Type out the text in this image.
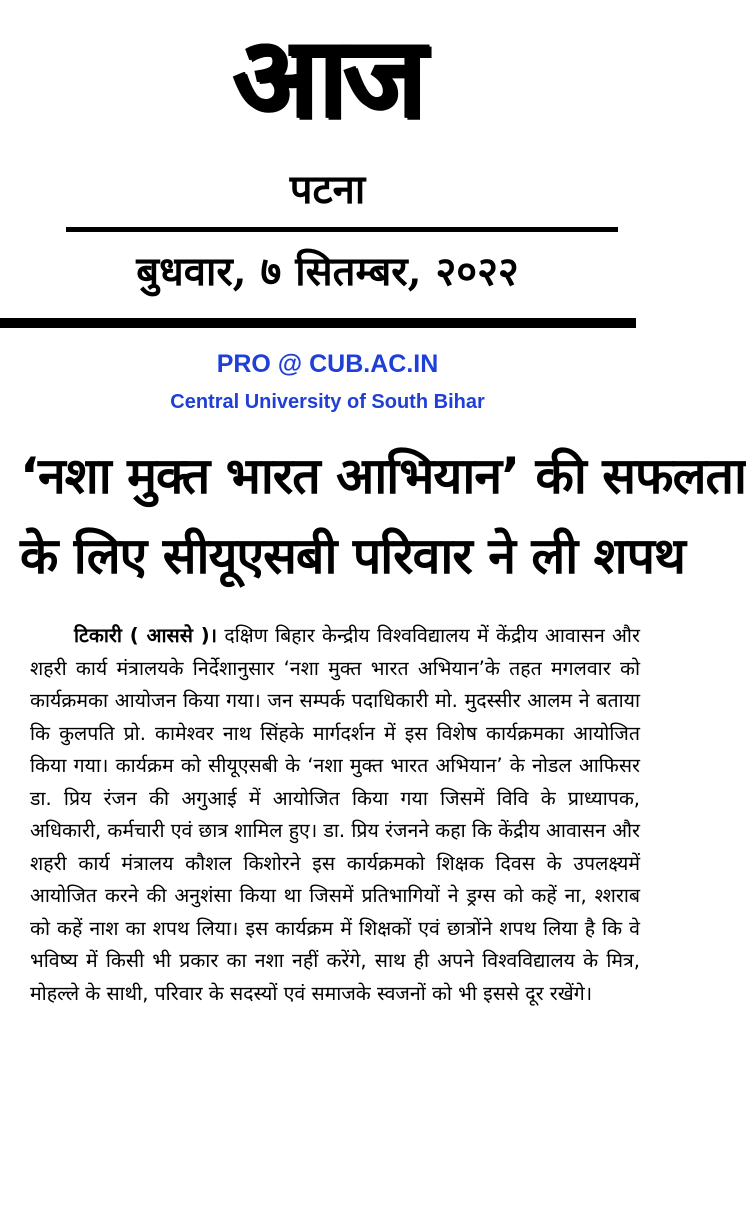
आज
पटना
बुधवार, ७ सितम्बर, २०२२
PRO @ CUB.AC.IN
Central University of South Bihar
‘नशा मुक्त भारत आभियान’ की सफलता
के लिए सीयूएसबी परिवार ने ली शपथ
टिकारी ( आससे )। दक्षिण बिहार केन्द्रीय विश्वविद्यालय में केंद्रीय आवासन और शहरी कार्य मंत्रालयके निर्देशानुसार ‘नशा मुक्त भारत अभियान’के तहत मगलवार को कार्यक्रमका आयोजन किया गया। जन सम्पर्क पदाधिकारी मो. मुदस्सीर आलम ने बताया कि कुलपति प्रो. कामेश्वर नाथ सिंहके मार्गदर्शन में इस विशेष कार्यक्रमका आयोजित किया गया। कार्यक्रम को सीयूएसबी के ‘नशा मुक्त भारत अभियान’ के नोडल आफिसर डा. प्रिय रंजन की अगुआई में आयोजित किया गया जिसमें विवि के प्राध्यापक, अधिकारी, कर्मचारी एवं छात्र शामिल हुए। डा. प्रिय रंजनने कहा कि केंद्रीय आवासन और शहरी कार्य मंत्रालय कौशल किशोरने इस कार्यक्रमको शिक्षक दिवस के उपलक्ष्यमें आयोजित करने की अनुशंसा किया था जिसमें प्रतिभागियों ने ड्रग्स को कहें ना, श्शराब को कहें नाश का शपथ लिया। इस कार्यक्रम में शिक्षकों एवं छात्रोंने शपथ लिया है कि वे भविष्य में किसी भी प्रकार का नशा नहीं करेंगे, साथ ही अपने विश्वविद्यालय के मित्र, मोहल्ले के साथी, परिवार के सदस्यों एवं समाजके स्वजनों को भी इससे दूर रखेंगे।
